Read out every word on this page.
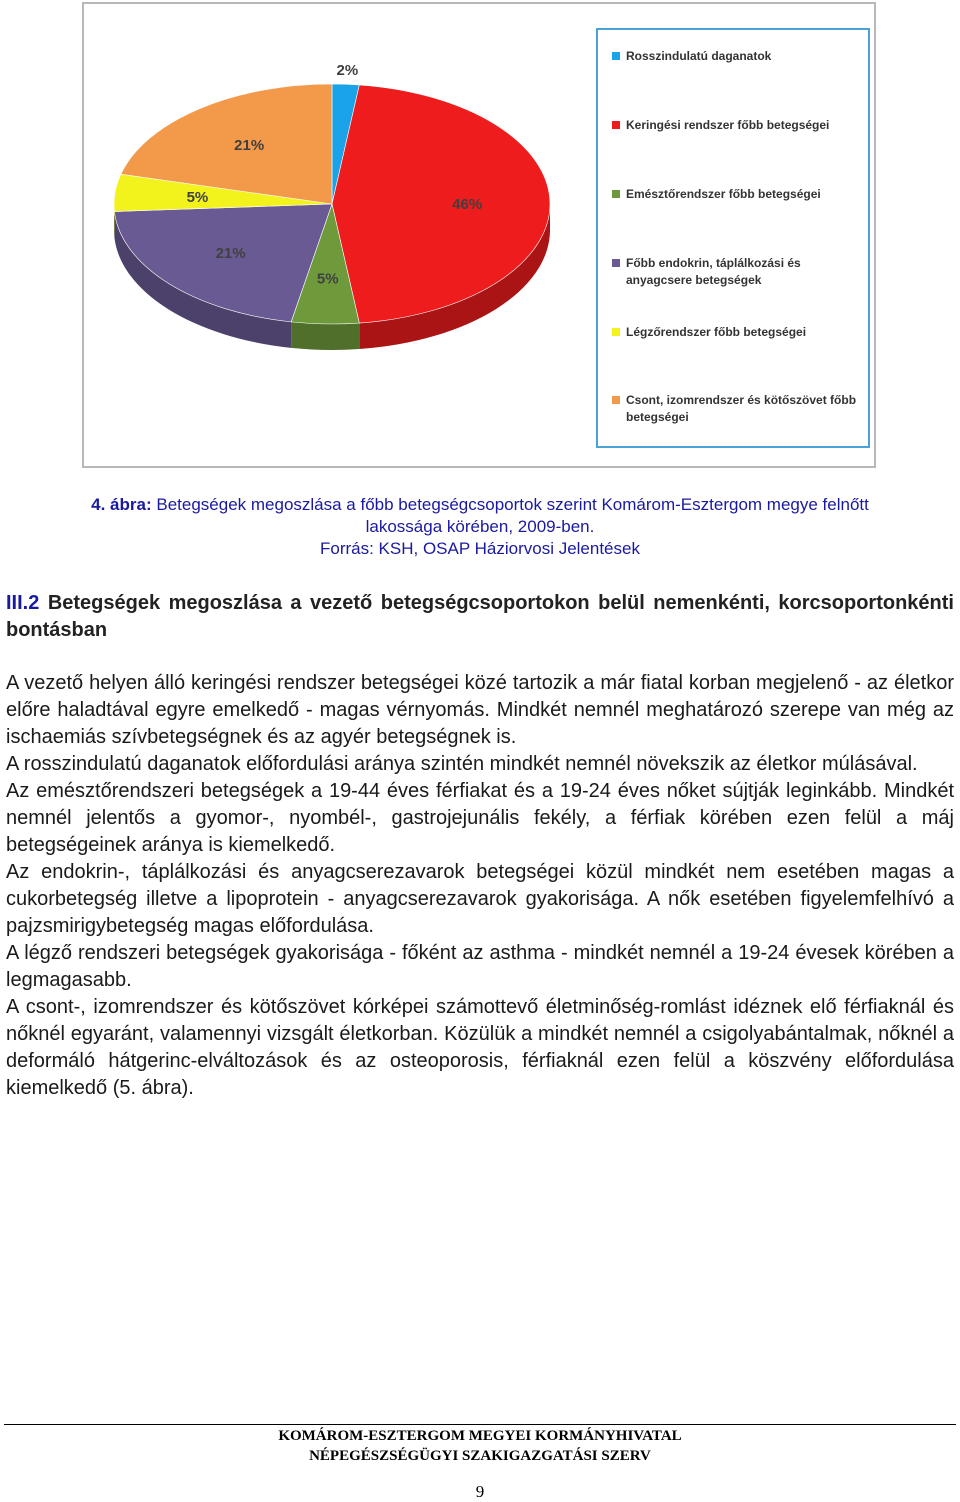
2%
46%
5%
21%
5%
21%
Rosszindulatú daganatok
Keringési rendszer főbb betegségei
Emésztőrendszer főbb betegségei
Főbb endokrin, táplálkozási és anyagcsere betegségek
Légzőrendszer főbb betegségei
Csont, izomrendszer és kötőszövet főbb betegségei
4. ábra: Betegségek megoszlása a főbb betegségcsoportok szerint Komárom-Esztergom megye felnőtt
lakossága körében, 2009-ben.
Forrás: KSH, OSAP Háziorvosi Jelentések
III.2 Betegségek megoszlása a vezető betegségcsoportokon belül nemenkénti, korcsoportonkénti bontásban

A vezető helyen álló keringési rendszer betegségei közé tartozik a már fiatal korban megjelenő - az életkor előre haladtával egyre emelkedő - magas vérnyomás. Mindkét nemnél meghatározó szerepe van még az ischaemiás szívbetegségnek és az agyér betegségnek is.

A rosszindulatú daganatok előfordulási aránya szintén mindkét nemnél növekszik az életkor múlásával.

Az emésztőrendszeri betegségek a 19-44 éves férfiakat és a 19-24 éves nőket sújtják leginkább. Mindkét nemnél jelentős a gyomor-, nyombél-, gastrojejunális fekély, a férfiak körében ezen felül a máj betegségeinek aránya is kiemelkedő.

Az endokrin-, táplálkozási és anyagcserezavarok betegségei közül mindkét nem esetében magas a cukorbetegség illetve a lipoprotein - anyagcserezavarok gyakorisága. A nők esetében figyelemfelhívó a pajzsmirigybetegség magas előfordulása.

A légző rendszeri betegségek gyakorisága - főként az asthma - mindkét nemnél a 19-24 évesek körében a legmagasabb.

A csont-, izomrendszer és kötőszövet kórképei számottevő életminőség-romlást idéznek elő férfiaknál és nőknél egyaránt, valamennyi vizsgált életkorban. Közülük a mindkét nemnél a csigolyabántalmak, nőknél a deformáló hátgerinc-elváltozások és az osteoporosis, férfiaknál ezen felül a köszvény előfordulása kiemelkedő (5. ábra).

KOMÁROM-ESZTERGOM MEGYEI KORMÁNYHIVATAL
NÉPEGÉSZSÉGÜGYI SZAKIGAZGATÁSI SZERV
9
